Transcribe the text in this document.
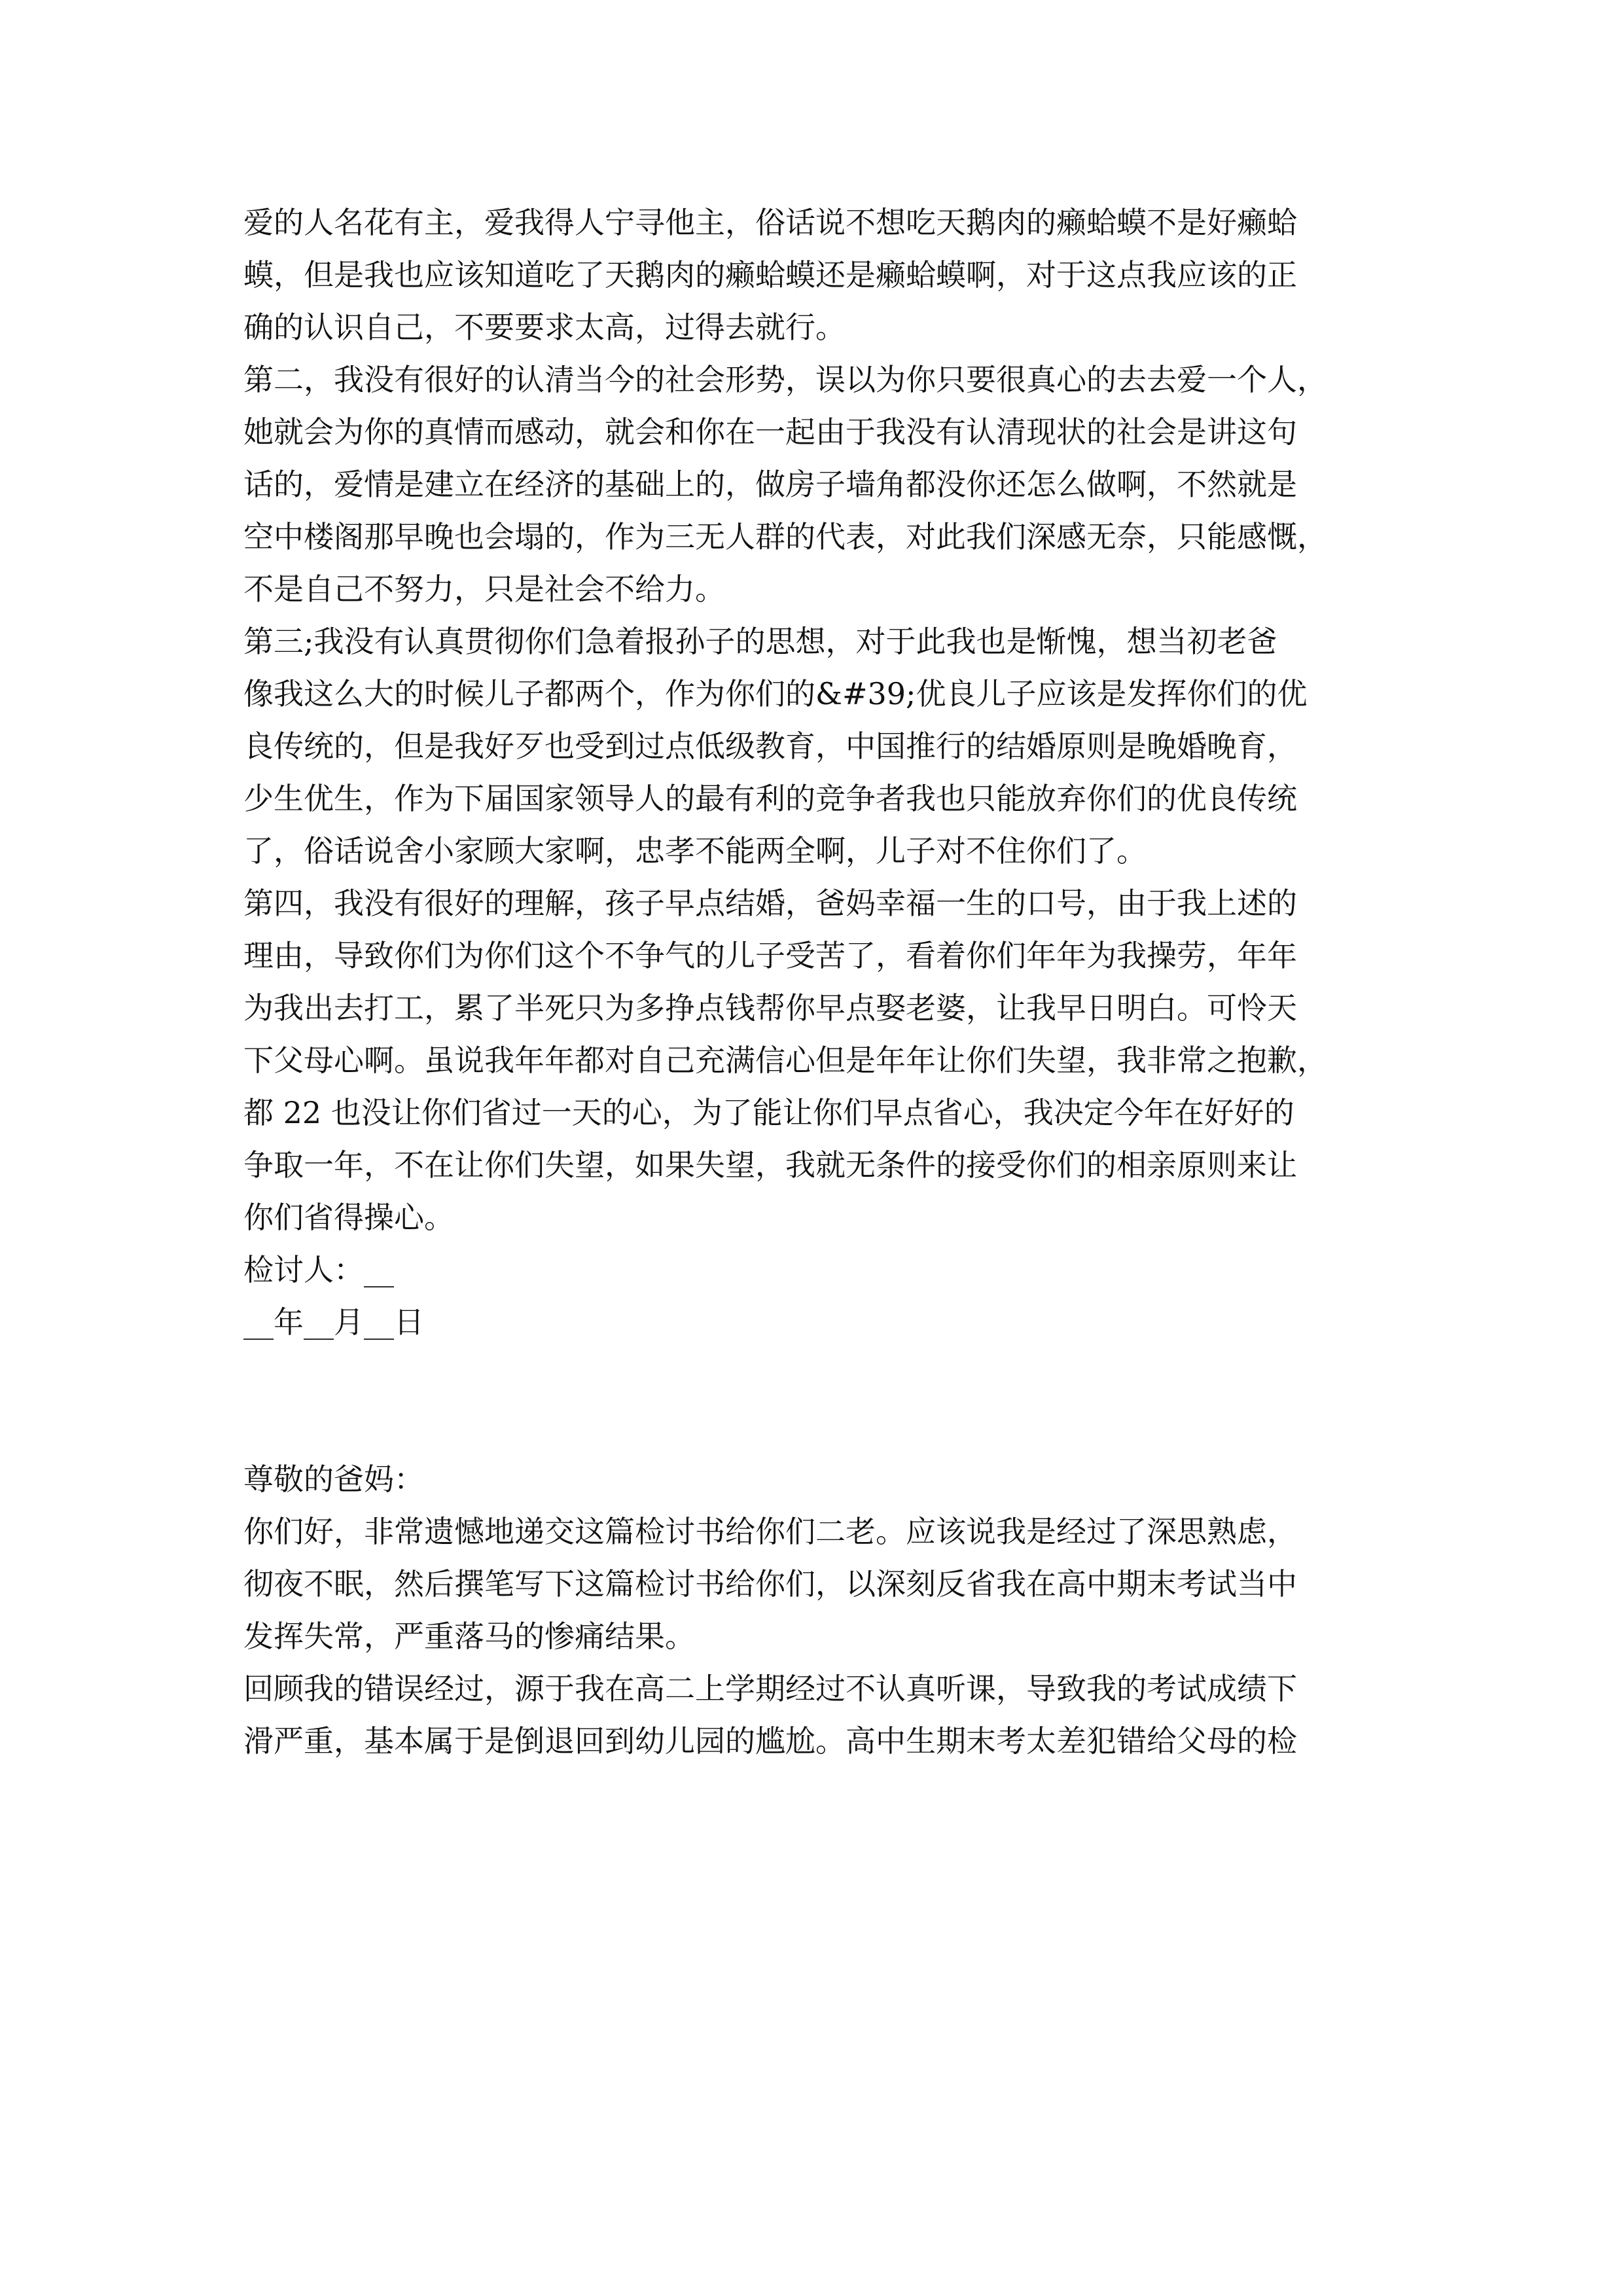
爱的人名花有主，爱我得人宁寻他主，俗话说不想吃天鹅肉的癞蛤蟆不是好癞蛤

蟆，但是我也应该知道吃了天鹅肉的癞蛤蟆还是癞蛤蟆啊，对于这点我应该的正

确的认识自己，不要要求太高，过得去就行。

第二，我没有很好的认清当今的社会形势，误以为你只要很真心的去去爱一个人，

她就会为你的真情而感动，就会和你在一起由于我没有认清现状的社会是讲这句

话的，爱情是建立在经济的基础上的，做房子墙角都没你还怎么做啊，不然就是

空中楼阁那早晚也会塌的，作为三无人群的代表，对此我们深感无奈，只能感慨，

不是自己不努力，只是社会不给力。

第三;我没有认真贯彻你们急着报孙子的思想，对于此我也是惭愧，想当初老爸

像我这么大的时候儿子都两个，作为你们的&#39;优良儿子应该是发挥你们的优

良传统的，但是我好歹也受到过点低级教育，中国推行的结婚原则是晚婚晚育，

少生优生，作为下届国家领导人的最有利的竞争者我也只能放弃你们的优良传统

了，俗话说舍小家顾大家啊，忠孝不能两全啊，儿子对不住你们了。

第四，我没有很好的理解，孩子早点结婚，爸妈幸福一生的口号，由于我上述的

理由，导致你们为你们这个不争气的儿子受苦了，看着你们年年为我操劳，年年

为我出去打工，累了半死只为多挣点钱帮你早点娶老婆，让我早日明白。可怜天

下父母心啊。虽说我年年都对自己充满信心但是年年让你们失望，我非常之抱歉，

都 22 也没让你们省过一天的心，为了能让你们早点省心，我决定今年在好好的

争取一年，不在让你们失望，如果失望，我就无条件的接受你们的相亲原则来让

你们省得操心。

检讨人：__

__年__月__日

尊敬的爸妈：

你们好，非常遗憾地递交这篇检讨书给你们二老。应该说我是经过了深思熟虑，

彻夜不眠，然后撰笔写下这篇检讨书给你们，以深刻反省我在高中期末考试当中

发挥失常，严重落马的惨痛结果。

回顾我的错误经过，源于我在高二上学期经过不认真听课，导致我的考试成绩下

滑严重，基本属于是倒退回到幼儿园的尴尬。高中生期末考太差犯错给父母的检
